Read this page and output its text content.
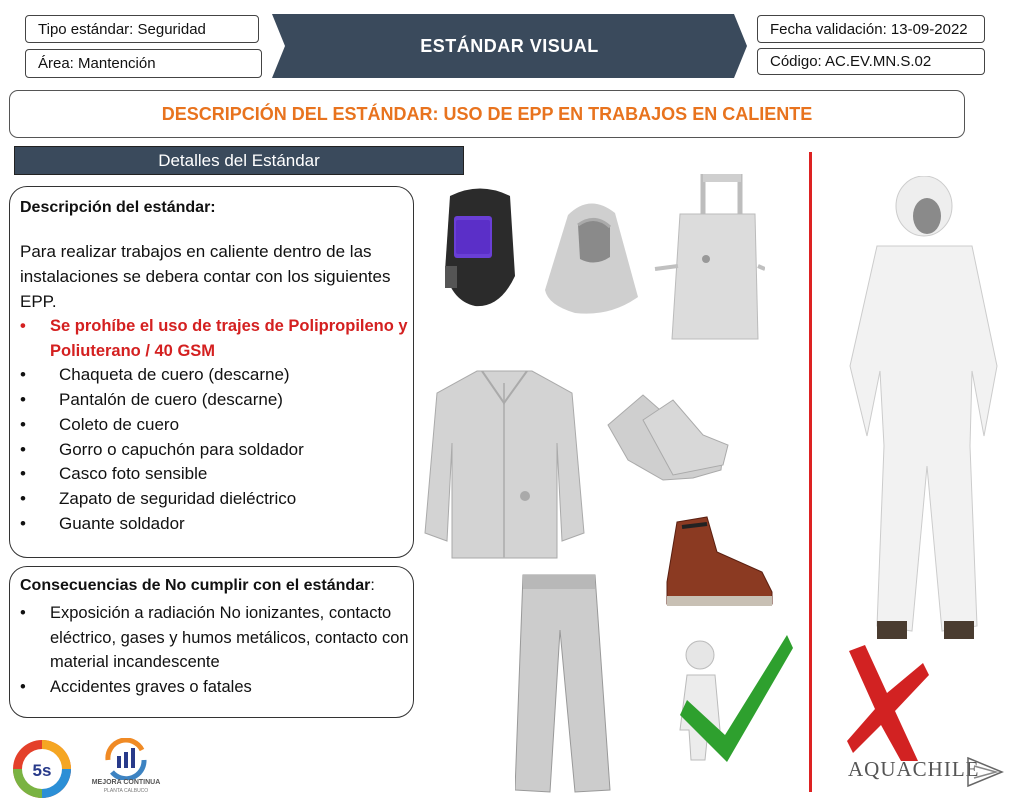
Tipo estándar: Seguridad
Área: Mantención
ESTÁNDAR VISUAL
Fecha validación: 13-09-2022
Código: AC.EV.MN.S.02
DESCRIPCIÓN DEL ESTÁNDAR: USO DE EPP EN TRABAJOS EN CALIENTE
Detalles del Estándar
Descripción del estándar:
Para realizar trabajos en caliente dentro de las instalaciones se debera contar con los siguientes EPP.
• Se prohíbe el uso de trajes de Polipropileno y Poliuterano / 40 GSM
• Chaqueta de cuero (descarne)
• Pantalón de cuero (descarne)
• Coleto de cuero
• Gorro o capuchón para soldador
• Casco foto sensible
• Zapato de seguridad dieléctrico
• Guante soldador
Consecuencias de No cumplir con el estándar:
• Exposición a radiación No ionizantes, contacto eléctrico, gases y humos metálicos, contacto con material incandescente
• Accidentes graves o fatales
5s
MEJORA CONTINUA
PLANTA CALBUCO
AQUACHILE
